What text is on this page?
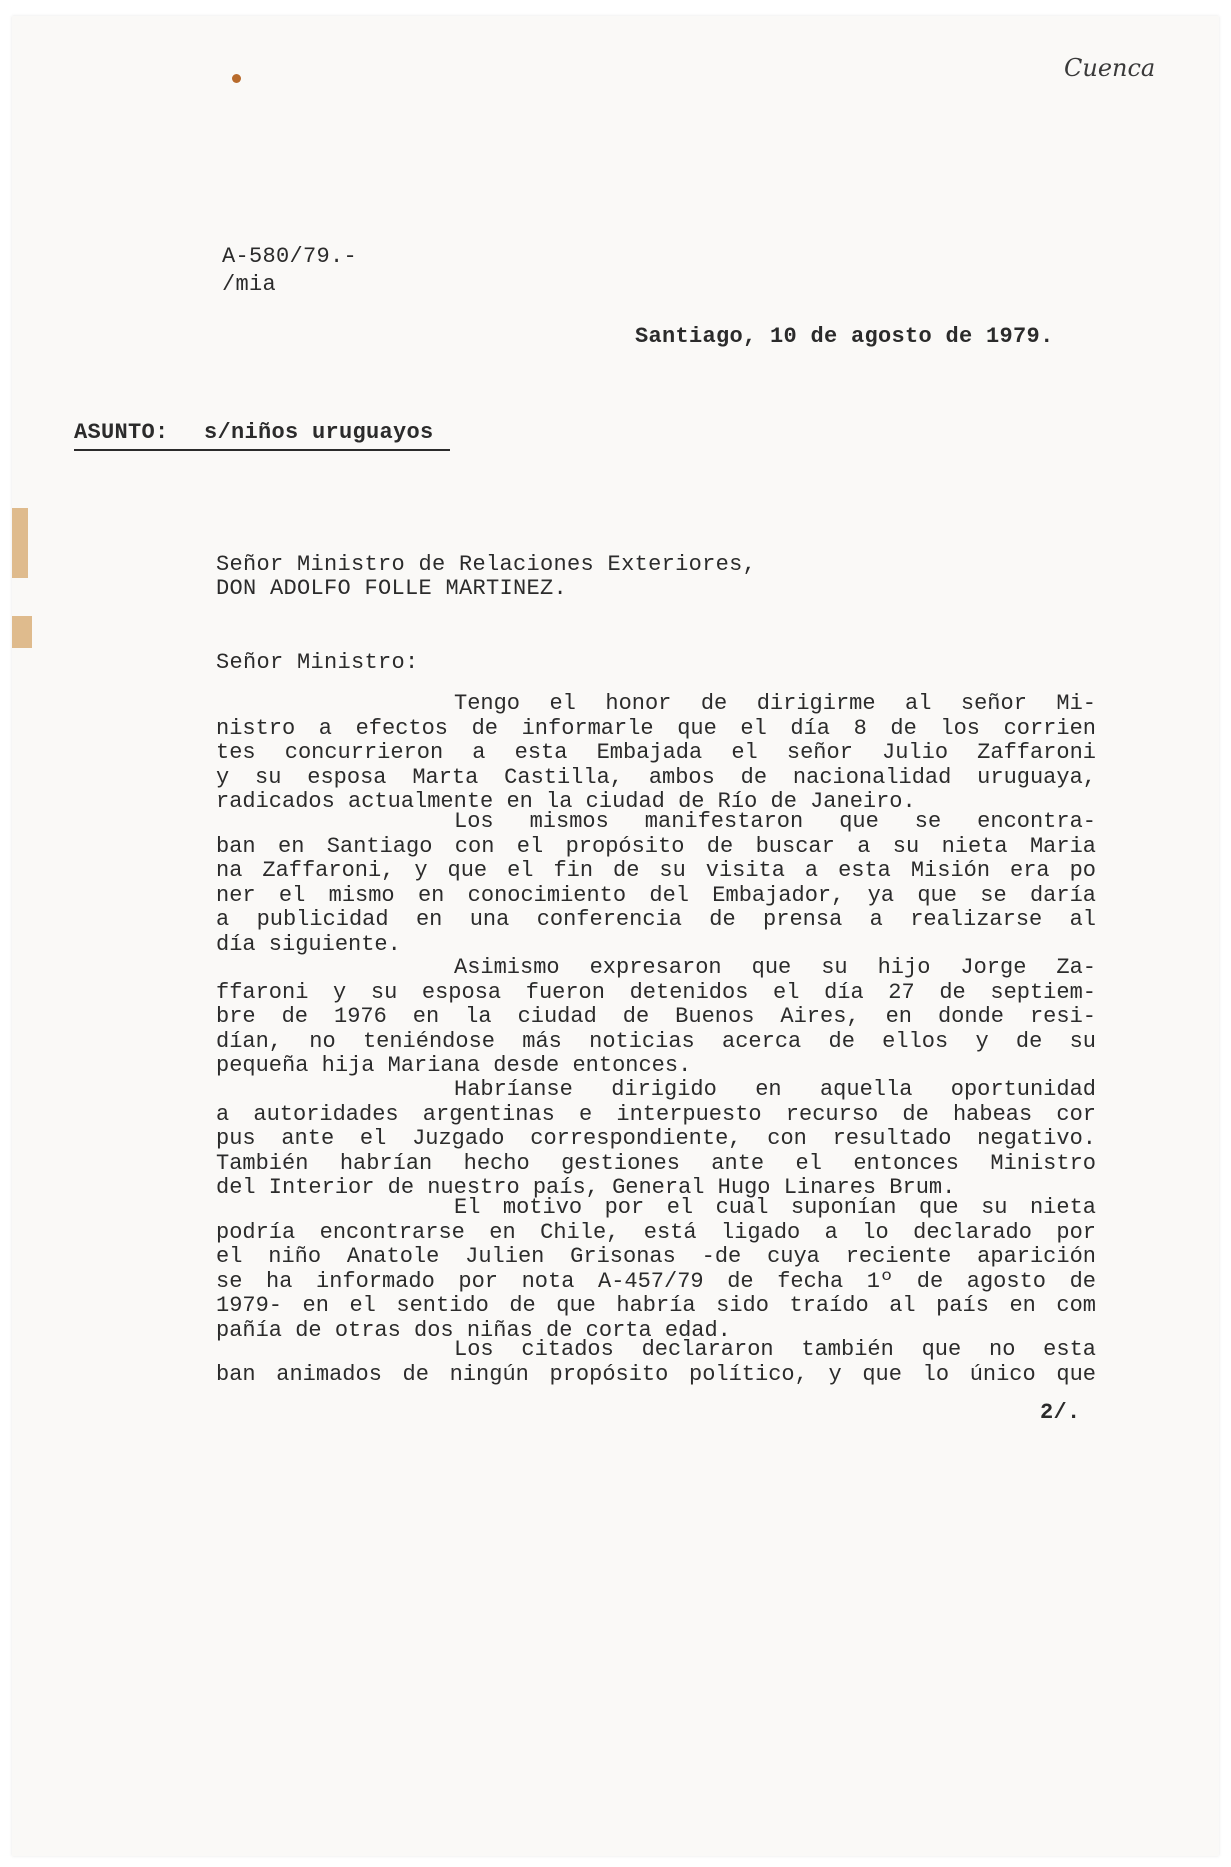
Cuenca
A-580/79.-
/mia
Santiago, 10 de agosto de 1979.
ASUNTO: s/niños uruguayos
Señor Ministro de Relaciones Exteriores,
DON ADOLFO FOLLE MARTINEZ.
Señor Ministro:
Tengo el honor de dirigirme al señor Mi-
nistro a efectos de informarle que el día 8 de los corrien
tes concurrieron a esta Embajada el señor Julio Zaffaroni
y su esposa Marta Castilla, ambos de nacionalidad uruguaya,
radicados actualmente en la ciudad de Río de Janeiro.
Los mismos manifestaron que se encontra-
ban en Santiago con el propósito de buscar a su nieta Maria
na Zaffaroni, y que el fin de su visita a esta Misión era po
ner el mismo en conocimiento del Embajador, ya que se daría
a publicidad en una conferencia de prensa a realizarse al
día siguiente.
Asimismo expresaron que su hijo Jorge Za-
ffaroni y su esposa fueron detenidos el día 27 de septiem-
bre de 1976 en la ciudad de Buenos Aires, en donde resi-
dían, no teniéndose más noticias acerca de ellos y de su
pequeña hija Mariana desde entonces.
Habríanse dirigido en aquella oportunidad
a autoridades argentinas e interpuesto recurso de habeas cor
pus ante el Juzgado correspondiente, con resultado negativo.
También habrían hecho gestiones ante el entonces Ministro
del Interior de nuestro país, General Hugo Linares Brum.
El motivo por el cual suponían que su nieta
podría encontrarse en Chile, está ligado a lo declarado por
el niño Anatole Julien Grisonas -de cuya reciente aparición
se ha informado por nota A-457/79 de fecha 1º de agosto de
1979- en el sentido de que habría sido traído al país en com
pañía de otras dos niñas de corta edad.
Los citados declararon también que no esta
ban animados de ningún propósito político, y que lo único que
2/.
